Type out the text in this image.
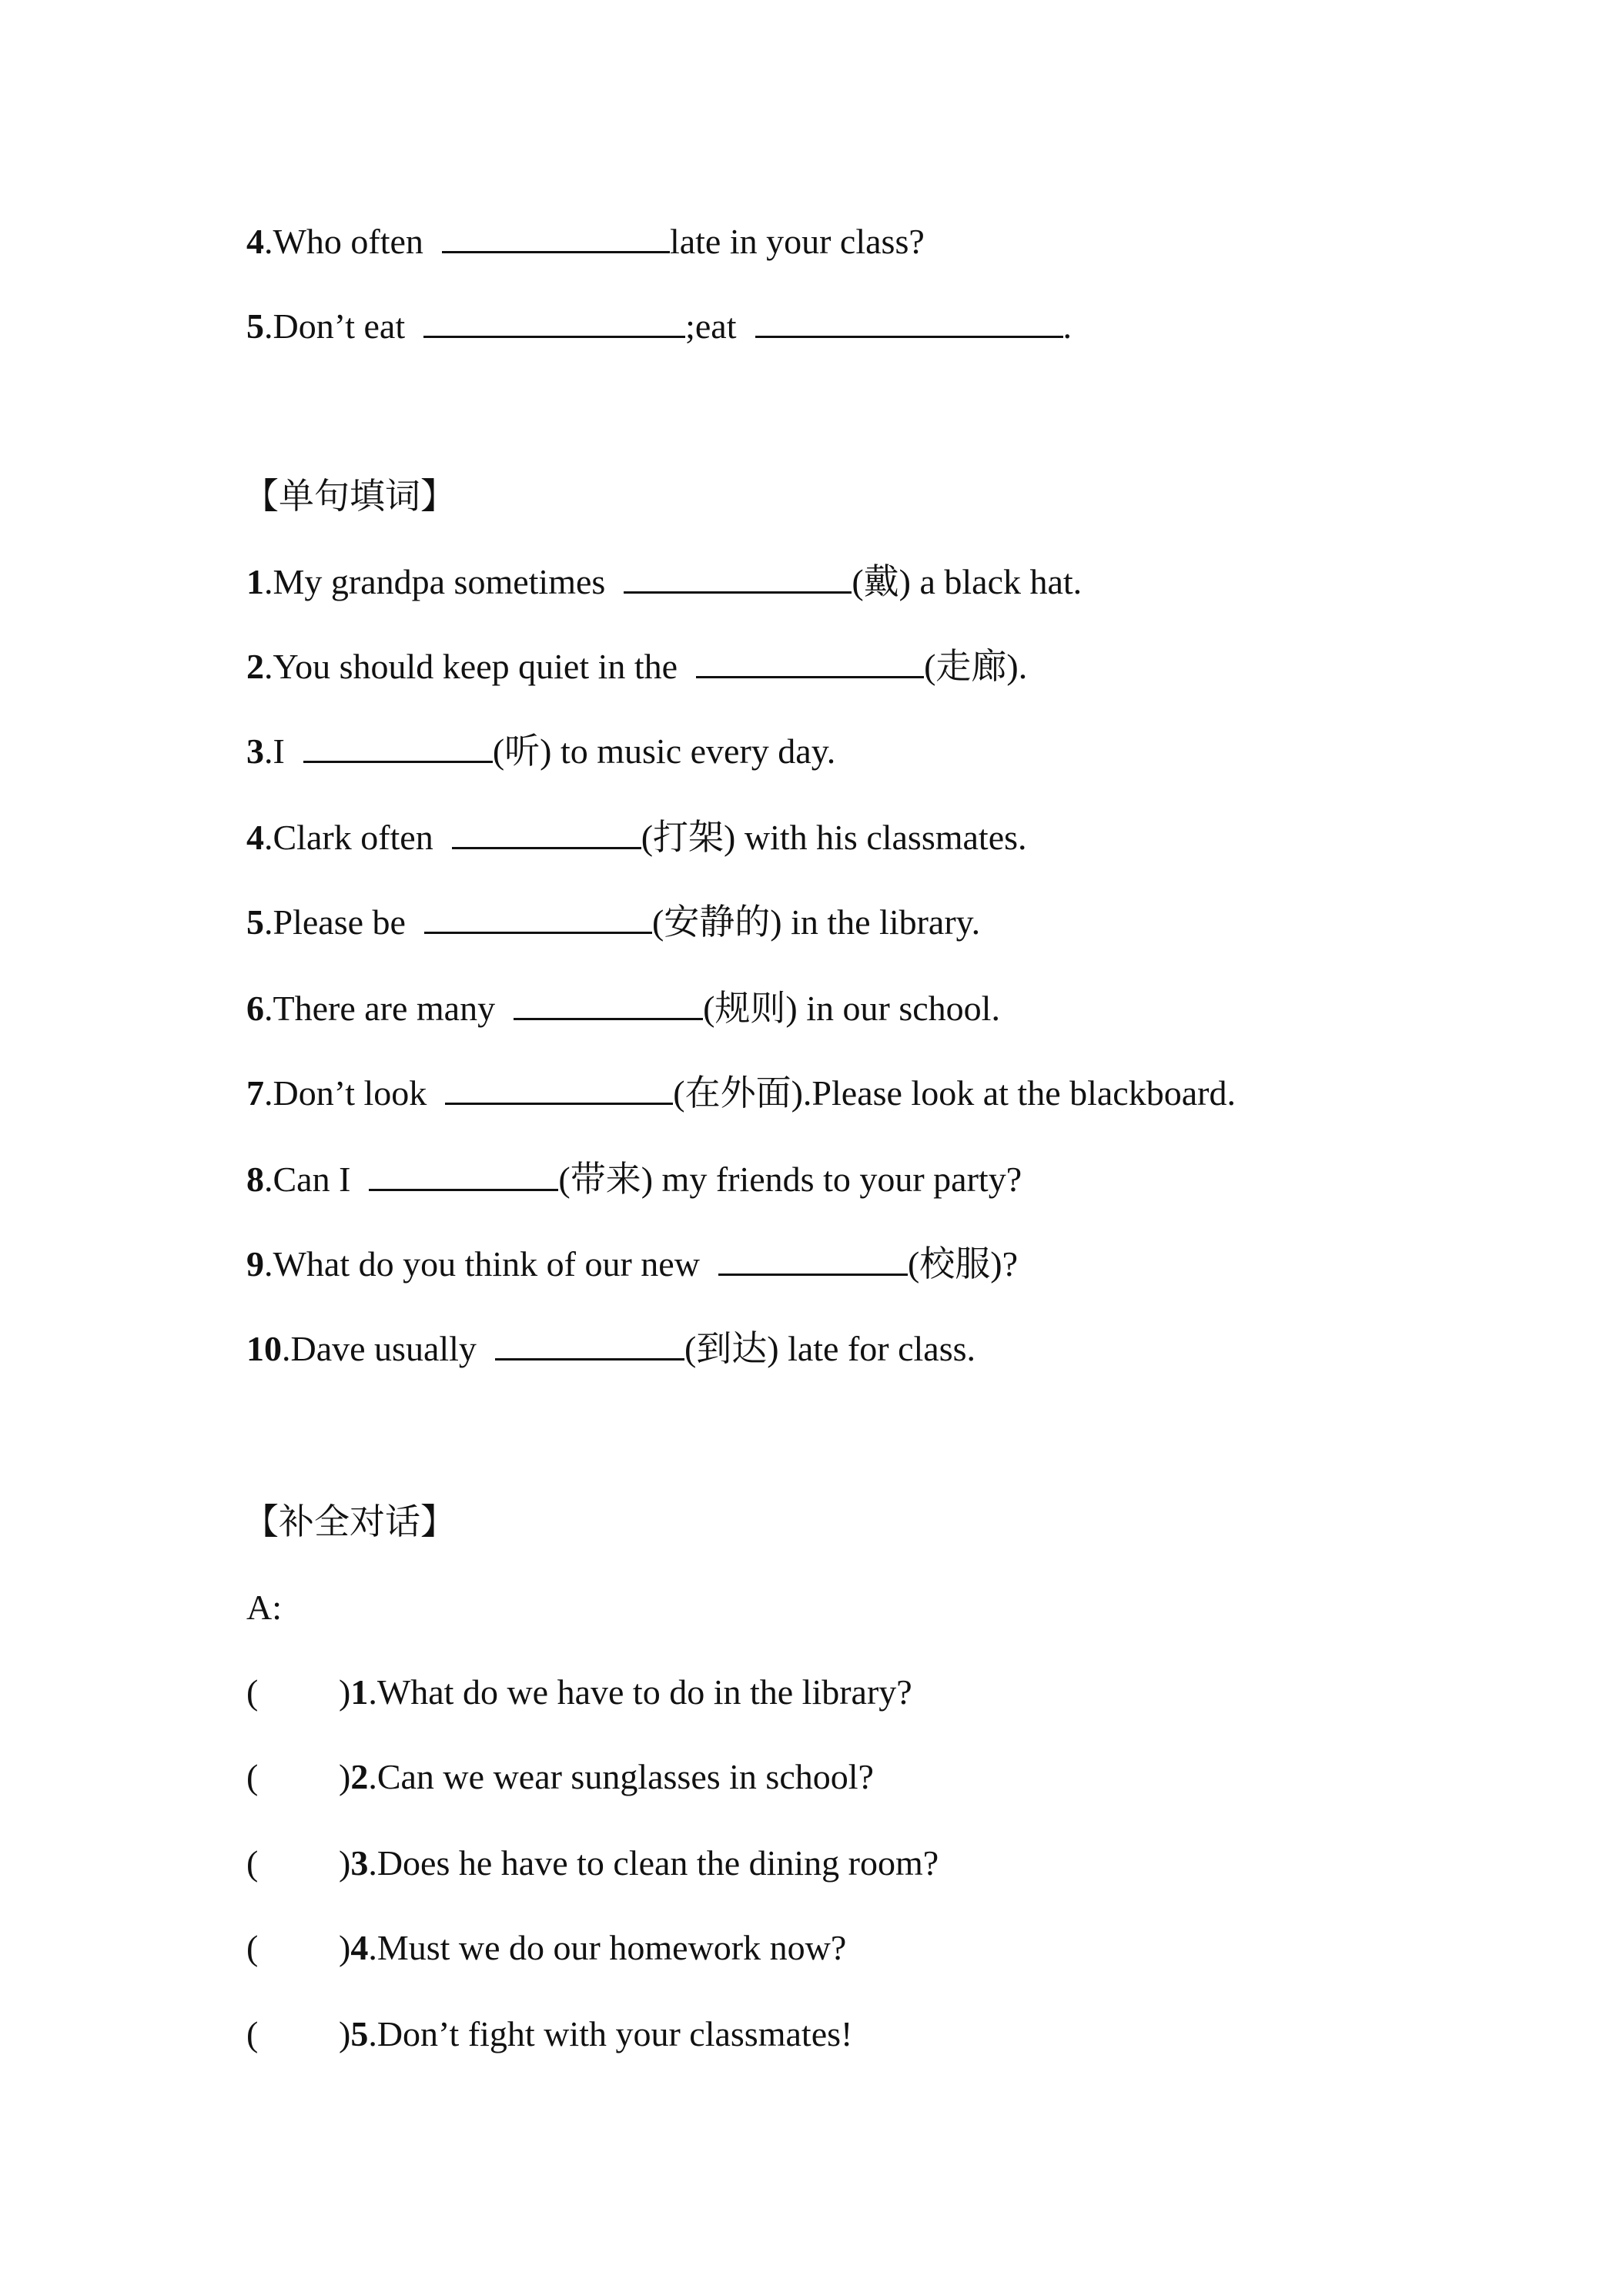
4.Who often	late in your class?
5.Don’t eat	;eat	.
【单句填词】
1.My grandpa sometimes	(戴) a black hat.
2.You should keep quiet in the	(走廊).
3.I	(听) to music every day.
4.Clark often	(打架) with his classmates.
5.Please be	(安静的) in the library.
6.There are many	(规则) in our school.
7.Don’t look	(在外面).Please look at the blackboard.
8.Can I	(带来) my friends to your party?
9.What do you think of our new	(校服)?
10.Dave usually	(到达) late for class.
【补全对话】
A:
( )1.What do we have to do in the library?
( )2.Can we wear sunglasses in school?
( )3.Does he have to clean the dining room?
( )4.Must we do our homework now?
( )5.Don’t fight with your classmates!
